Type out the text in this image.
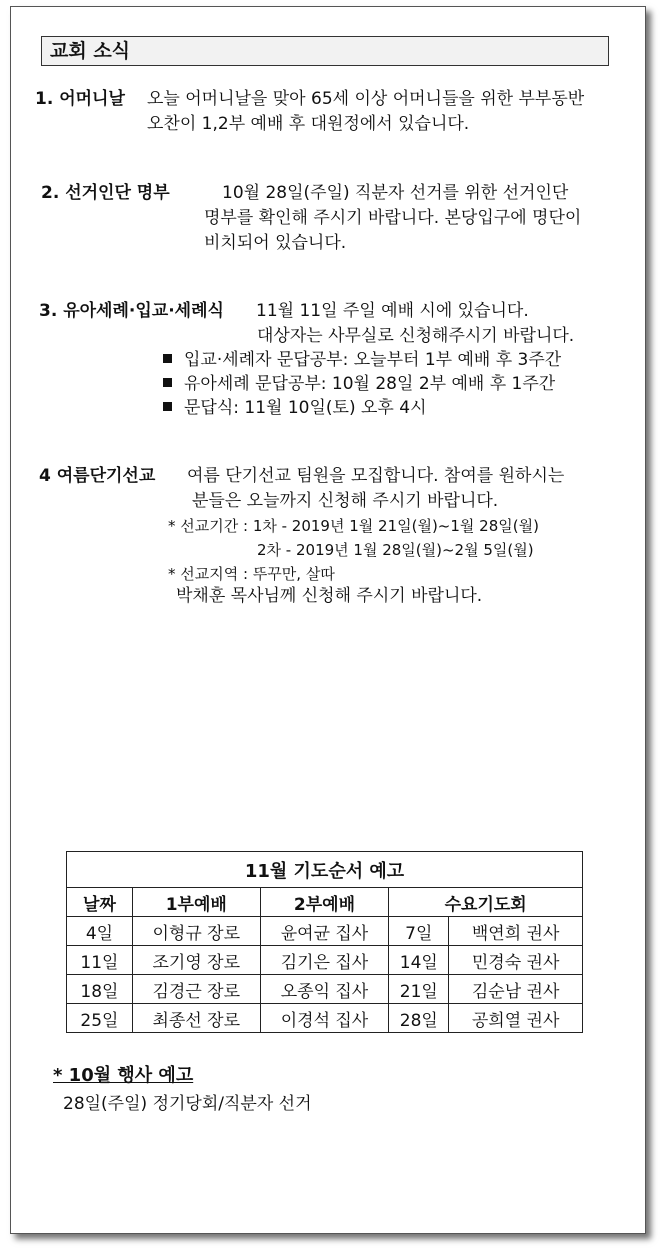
교회 소식
1. 어머니날 오늘 어머니날을 맞아 65세 이상 어머니들을 위한 부부동반
오찬이 1,2부 예배 후 대원정에서 있습니다.
2. 선거인단 명부	10월 28일(주일) 직분자 선거를 위한 선거인단
명부를 확인해 주시기 바랍니다. 본당입구에 명단이
비치되어 있습니다.
3. 유아세례·입교·세례식 11월 11일 주일 예배 시에 있습니다.
대상자는 사무실로 신청해주시기 바랍니다.
입교·세례자 문답공부: 오늘부터 1부 예배 후 3주간
유아세례 문답공부: 10월 28일 2부 예배 후 1주간
문답식: 11월 10일(토) 오후 4시
4 여름단기선교 여름 단기선교 팀원을 모집합니다. 참여를 원하시는
분들은 오늘까지 신청해 주시기 바랍니다.
* 선교기간 : 1차 - 2019년 1월 21일(월)~1월 28일(월)
2차 - 2019년 1월 28일(월)~2월 5일(월)
* 선교지역 : 뚜꾸만, 살따
박채훈 목사님께 신청해 주시기 바랍니다.
11월 기도순서 예고				
날짜	1부예배	2부예배	수요기도회	
4일	이형규 장로	윤여균 집사	7일	백연희 권사
11일	조기영 장로	김기은 집사	14일	민경숙 권사
18일	김경근 장로	오종익 집사	21일	김순남 권사
25일	최종선 장로	이경석 집사	28일	공희열 권사
* 10월 행사 예고
28일(주일) 정기당회/직분자 선거
